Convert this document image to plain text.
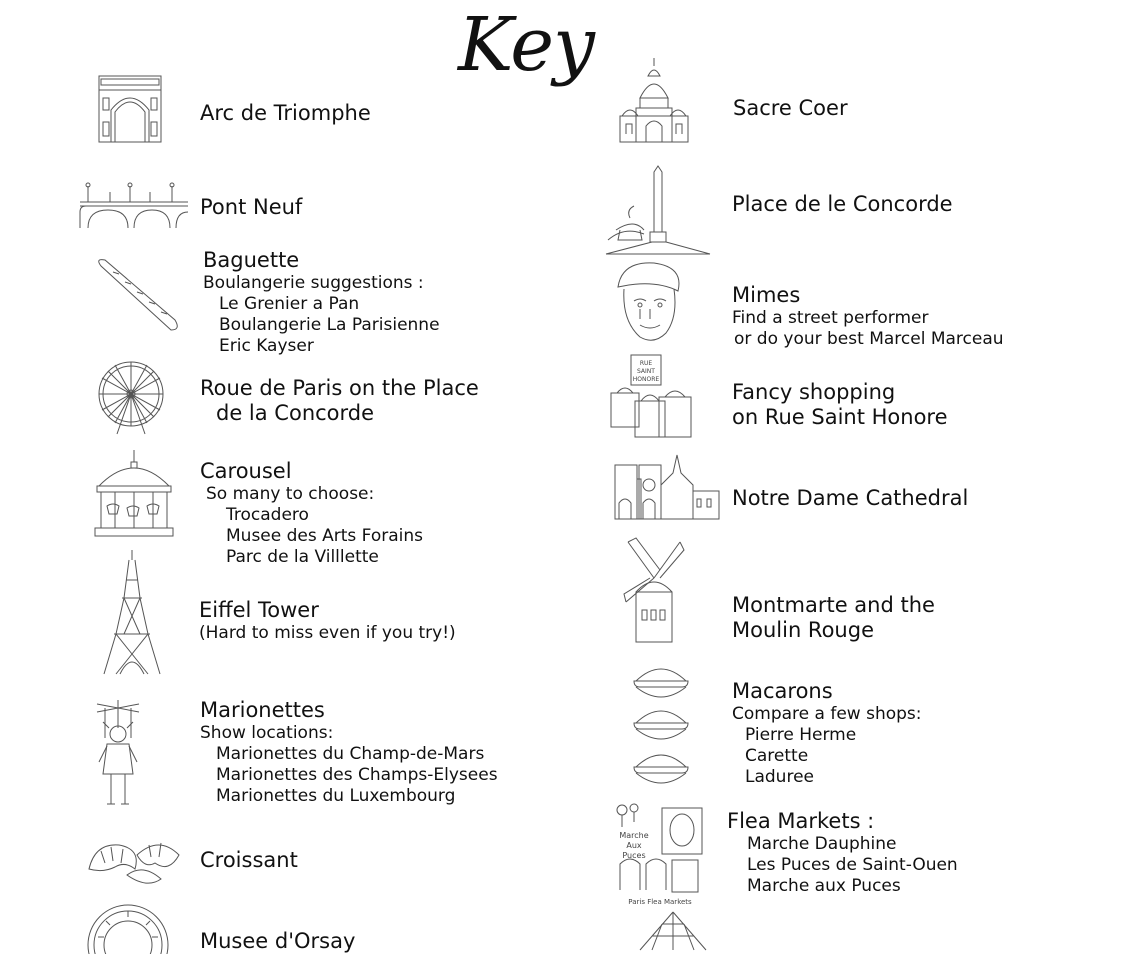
Key
Arc de Triomphe
Pont Neuf
Baguette
Boulangerie suggestions :
Le Grenier a Pan
Boulangerie La Parisienne
Eric Kayser
Roue de Paris on the Place
de la Concorde
Carousel
So many to choose:
Trocadero
Musee des Arts Forains
Parc de la Villlette
Eiffel Tower
(Hard to miss even if you try!)
Marionettes
Show locations:
Marionettes du Champ-de-Mars
Marionettes des Champs-Elysees
Marionettes du Luxembourg
Croissant
Musee d'Orsay
Sacre Coer
Place de le Concorde
Mimes
Find a street performer
or do your best Marcel Marceau
RUE
SAINT
HONORE
Fancy shopping
on Rue Saint Honore
Notre Dame Cathedral
Montmarte and the
Moulin Rouge
Macarons
Compare a few shops:
Pierre Herme
Carette
Laduree
Marche
Aux
Puces
Paris Flea Markets
Flea Markets :
Marche Dauphine
Les Puces de Saint-Ouen
Marche aux Puces
